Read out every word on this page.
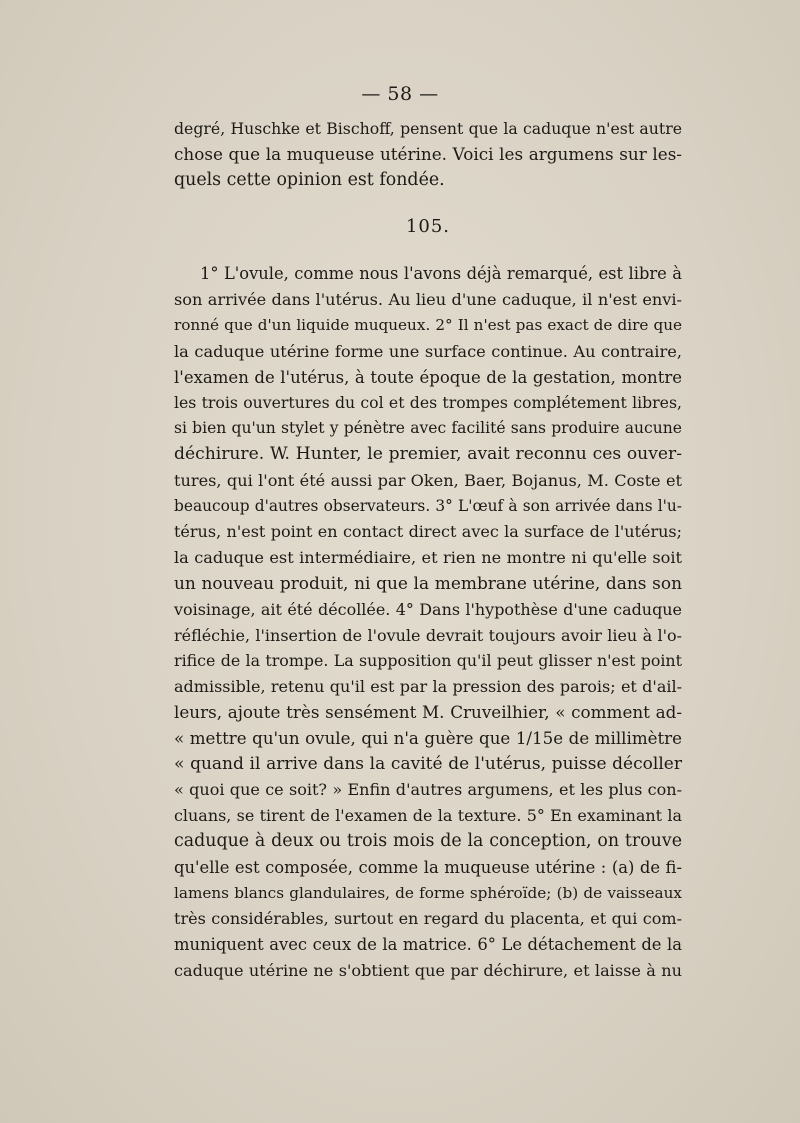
— 58 —
degré, Huschke et Bischoff, pensent que la caduque n'est autre
chose que la muqueuse utérine. Voici les argumens sur les-
quels cette opinion est fondée.
105.
1° L'ovule, comme nous l'avons déjà remarqué, est libre à
son arrivée dans l'utérus. Au lieu d'une caduque, il n'est envi-
ronné que d'un liquide muqueux. 2° Il n'est pas exact de dire que
la caduque utérine forme une surface continue. Au contraire,
l'examen de l'utérus, à toute époque de la gestation, montre
les trois ouvertures du col et des trompes complétement libres,
si bien qu'un stylet y pénètre avec facilité sans produire aucune
déchirure. W. Hunter, le premier, avait reconnu ces ouver-
tures, qui l'ont été aussi par Oken, Baer, Bojanus, M. Coste et
beaucoup d'autres observateurs. 3° L'œuf à son arrivée dans l'u-
térus, n'est point en contact direct avec la surface de l'utérus;
la caduque est intermédiaire, et rien ne montre ni qu'elle soit
un nouveau produit, ni que la membrane utérine, dans son
voisinage, ait été décollée. 4° Dans l'hypothèse d'une caduque
réfléchie, l'insertion de l'ovule devrait toujours avoir lieu à l'o-
rifice de la trompe. La supposition qu'il peut glisser n'est point
admissible, retenu qu'il est par la pression des parois; et d'ail-
leurs, ajoute très sensément M. Cruveilhier, « comment ad-
« mettre qu'un ovule, qui n'a guère que 1/15e de millimètre
« quand il arrive dans la cavité de l'utérus, puisse décoller
« quoi que ce soit? » Enfin d'autres argumens, et les plus con-
cluans, se tirent de l'examen de la texture. 5° En examinant la
caduque à deux ou trois mois de la conception, on trouve
qu'elle est composée, comme la muqueuse utérine : (a) de fi-
lamens blancs glandulaires, de forme sphéroïde; (b) de vaisseaux
très considérables, surtout en regard du placenta, et qui com-
muniquent avec ceux de la matrice. 6° Le détachement de la
caduque utérine ne s'obtient que par déchirure, et laisse à nu
